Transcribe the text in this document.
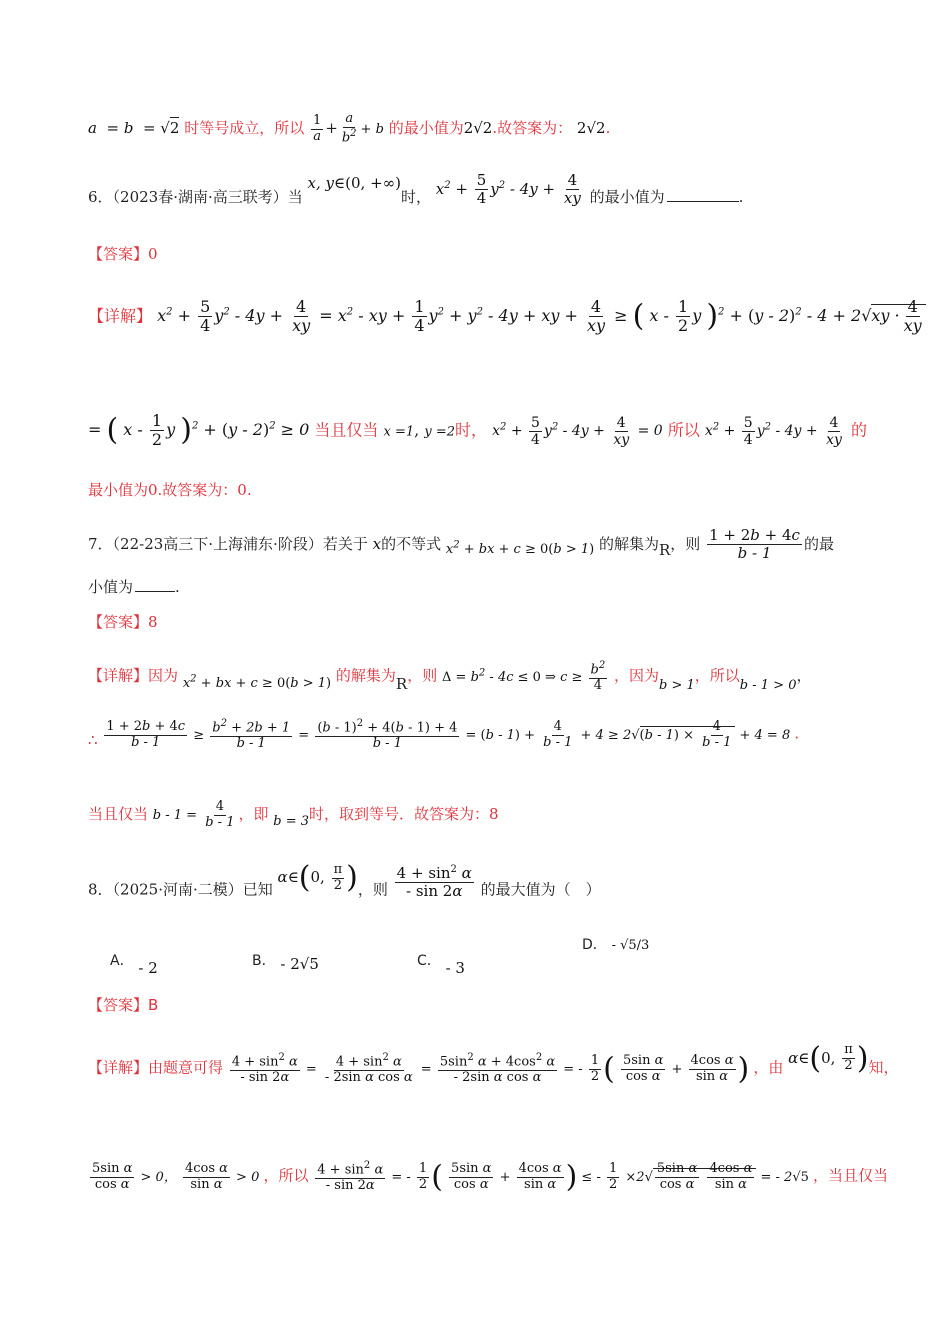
a  = b  = √2 时等号成立，所以 $\frac{1}{a} + \frac{a}{b^2} + b$ 的最小值为2√2.故答案为： 2√2.
6．（2023春·湖南·高三联考）当 x, y∈(0, +∞)时， $x^2 + \frac{5}{4} y^2 - 4y + \frac{4}{xy}$ 的最小值为	.
【答案】0
【详解】 $x^2 + \frac{5}{4} y^2 - 4y + \frac{4}{xy} = x^2$ - xy + $\frac{1}{4} y^2 + y^2 - 4y$ + xy + $\frac{4}{xy}$ ≥ ( x - $\frac{1}{2}$ y )$^2 + (y - 2)^2 - 4 + 2√xy \cdot \frac{4}{xy}$
= ( x - $\frac{1}{2}$ y )$^2$ + (y - 2)$^2$ ≥ 0 当且仅当 x =1, y =2时， $x^2 + \frac{5}{4} y^2 - 4y + \frac{4}{xy} = 0$ 所以 $x^2 + \frac{5}{4} y^2 - 4y + \frac{4}{xy}$ 的
最小值为0.故答案为：0.
7．（22-23高三下·上海浦东·阶段）若关于 x的不等式 $x^2$ + bx + c ≥ 0(b > 1) 的解集为R，则 $\frac{1 + 2b + 4c}{b - 1}$ 的最
小值为	.
【答案】8
【详解】因为 $x^2$ + bx + c ≥ 0(b > 1) 的解集为R，则 $\Delta = b^2 - 4c \le 0$ ⇒ $c \ge \frac{b^2}{4}$ ，因为b > 1，所以b - 1 > 0，
∴ $\frac{1 + 2b + 4c}{b - 1} \ge \frac{b^2 + 2b + 1}{b - 1} = \frac{(b - 1)^2 + 4(b - 1) + 4}{b - 1} = (b - 1) + \frac{4}{b - 1} + 4 \ge 2√(b - 1) \times \frac{4}{b - 1} + 4 = 8$ .
当且仅当 $b - 1 = \frac{4}{b - 1}$ ，即 b = 3时，取到等号．故答案为：8
8．（2025·河南·二模）已知 α∈(0, $\frac{\pi}{2}$ )，则 $\frac{4 + \sin^2 \alpha}{- \sin 2\alpha}$ 的最大值为（　）
A． - 2	B． - 2√5	C． - 3
D． - √5/3
【答案】B
【详解】由题意可得 $\frac{4 + \sin^2 \alpha}{- \sin 2\alpha} = \frac{4 + \sin^2 \alpha}{\text{- 2sin α cos α}} = \frac{5\sin^2 \alpha + 4\cos^2 \alpha}{\text{- 2sin α cos α}}$ = - $\frac{1}{2}$ ( $\frac{\text{5sin α}}{\text{cos α}} + \frac{\text{4cos α}}{\text{sin α}}$ ) ，由 α∈(0, $\frac{\pi}{2}$ )知，
$\frac{\text{5sin α}}{\text{cos α}} > 0$， $\frac{\text{4cos α}}{\text{sin α}} > 0$ ，所以 $\frac{4 + \sin^2 \alpha}{- \sin 2\alpha}$ = - $\frac{1}{2}$ ( $\frac{\text{5sin α}}{\text{cos α}} + \frac{\text{4cos α}}{\text{sin α}}$ ) ≤ - $\frac{1}{2} \times 2√ \frac{\text{5sin α}}{\text{cos α}}$
$\frac{\text{4cos α}}{\text{sin α}}$ = - 2√5 ，当且仅当
